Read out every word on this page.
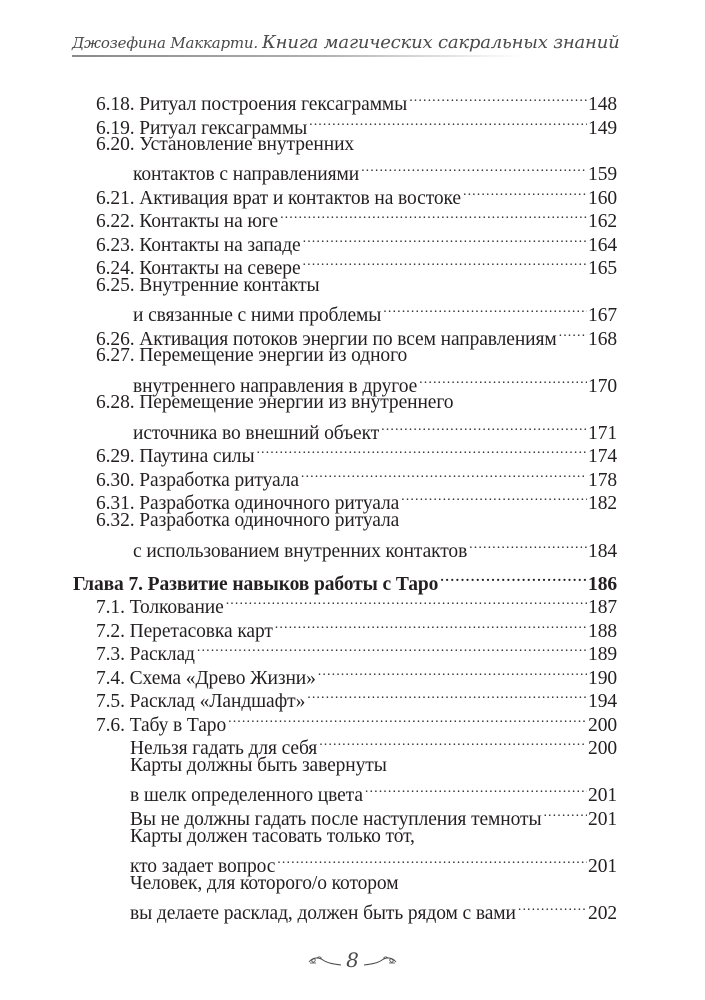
Джозефина Маккарти. Книга магических сакральных знаний
6.18. Ритуал построения гексаграммы .....	148
6.19. Ритуал гексаграммы .....	149
6.20. Установление внутренних
контактов с направлениями .....	159
6.21. Активация врат и контактов на востоке .....	160
6.22. Контакты на юге .....	162
6.23. Контакты на западе .....	164
6.24. Контакты на севере .....	165
6.25. Внутренние контакты
и связанные с ними проблемы .....	167
6.26. Активация потоков энергии по всем направлениям ..... 168
6.27. Перемещение энергии из одного
внутреннего направления в другое .....	170
6.28. Перемещение энергии из внутреннего
источника во внешний объект .....	171
6.29. Паутина силы .....	174
6.30. Разработка ритуала .....	178
6.31. Разработка одиночного ритуала .....	182
6.32. Разработка одиночного ритуала
с использованием внутренних контактов .....	184
Глава 7. Развитие навыков работы с Таро .....	186
7.1. Толкование .....	187
7.2. Перетасовка карт .....	188
7.3. Расклад .....	189
7.4. Схема «Древо Жизни» .....	190
7.5. Расклад «Ландшафт» .....	194
7.6. Табу в Таро .....	200
Нельзя гадать для себя .....	200
Карты должны быть завернуты
в шелк определенного цвета .....	201
Вы не должны гадать после наступления темноты ..... 201
Карты должен тасовать только тот,
кто задает вопрос .....	201
Человек, для которого/о котором
вы делаете расклад, должен быть рядом с вами .....	202
8
